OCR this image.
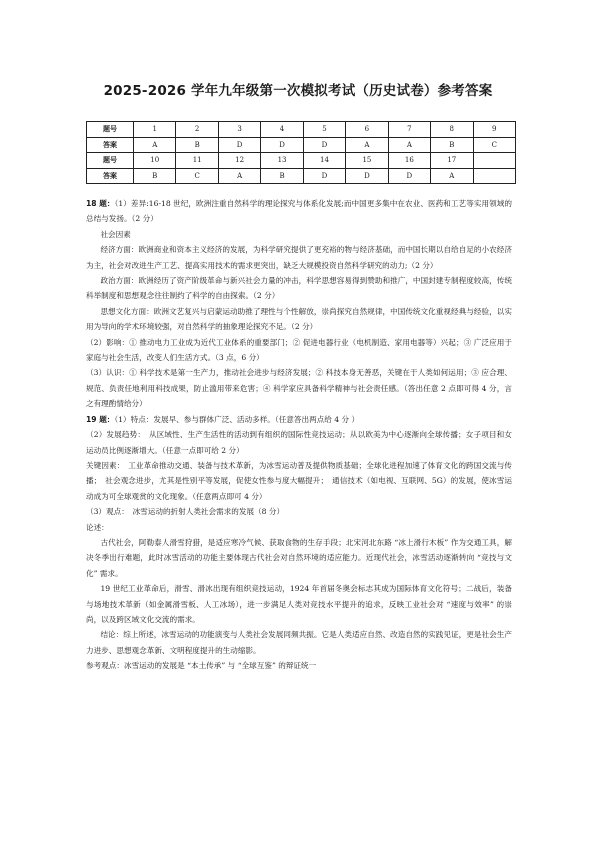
2025-2026 学年九年级第一次模拟考试（历史试卷）参考答案
题号	1	2	3	4	5	6	7	8	9
答案	A	B	D	D	D	A	A	B	C
题号	10	11	12	13	14	15	16	17	
答案	B	C	A	B	D	D	D	A	

18 题：（1）差异:16-18 世纪，欧洲注重自然科学的理论探究与体系化发展;而中国更多集中在农业、医药和工艺等实用领域的总结与发扬。（2 分）

社会因素

经济方面：欧洲商业和资本主义经济的发展，为科学研究提供了更充裕的物与经济基础，而中国长期以自给自足的小农经济为主，社会对改进生产工艺、提高实用技术的需求更突出，缺乏大规模投资自然科学研究的动力;（2 分）

政治方面：欧洲经历了资产阶级革命与新兴社会力量的冲击，科学思想容易得到赞助和推广，中国封建专制程度较高，传统科举制度和思想观念往往制约了科学的自由探索。（2 分）

思想文化方面：欧洲文艺复兴与启蒙运动助推了理性与个性解放，崇尚探究自然规律，中国传统文化重视经典与经验，以实用为导向的学术环境较强，对自然科学的抽象理论探究不足。（2 分）

（2）影响：① 推动电力工业成为近代工业体系的重要部门；② 促进电器行业（电机制造、家用电器等）兴起；③ 广泛应用于家庭与社会生活，改变人们生活方式。（3 点，6 分）

（3）认识：① 科学技术是第一生产力，推动社会进步与经济发展；② 科技本身无善恶，关键在于人类如何运用；③ 应合理、规范、负责任地利用科技成果，防止滥用带来危害；④ 科学家应具备科学精神与社会责任感。（答出任意 2 点即可得 4 分，言之有理酌情给分）

19 题：（1）特点：发展早、参与群体广泛、活动多样。（任意答出两点给 4 分 ）

（2）发展趋势：　从区域性、生产生活性的活动到有组织的国际性竞技运动；从以欧美为中心逐渐向全球传播；女子项目和女运动员比例逐渐增大。（任意一点即可给 2 分）

关键因素：　工业革命推动交通、装备与技术革新，为冰雪运动普及提供物质基础；全球化进程加速了体育文化的跨国交流与传播；　社会观念进步，尤其是性别平等发展，促使女性参与度大幅提升；　通信技术（如电视、互联网、5G）的发展，使冰雪运动成为可全球观赏的文化现象。（任意两点即可 4 分）

（3）观点：　冰雪运动的折射人类社会需求的发展（8 分）

论述：

古代社会，阿勒泰人滑雪狩猎，是适应寒冷气候、获取食物的生存手段；北宋河北东路 “冰上滑行木板” 作为交通工具，解决冬季出行难题，此时冰雪活动的功能主要体现古代社会对自然环境的适应能力。近现代社会，冰雪活动逐渐转向 “竞技与文化” 需求。

19 世纪工业革命后，滑雪、滑冰出现有组织竞技运动，1924 年首届冬奥会标志其成为国际体育文化符号；二战后，装备与场地技术革新（如金属滑雪板、人工冰场），进一步满足人类对竞技水平提升的追求，反映工业社会对 “速度与效率” 的崇尚，以及跨区域文化交流的需求。

结论：综上所述，冰雪运动的功能演变与人类社会发展同频共振。它是人类适应自然、改造自然的实践见证，更是社会生产力进步、思想观念革新、文明程度提升的生动缩影。

参考观点：冰雪运动的发展是 “本土传承” 与 “全球互鉴” 的辩证统一
